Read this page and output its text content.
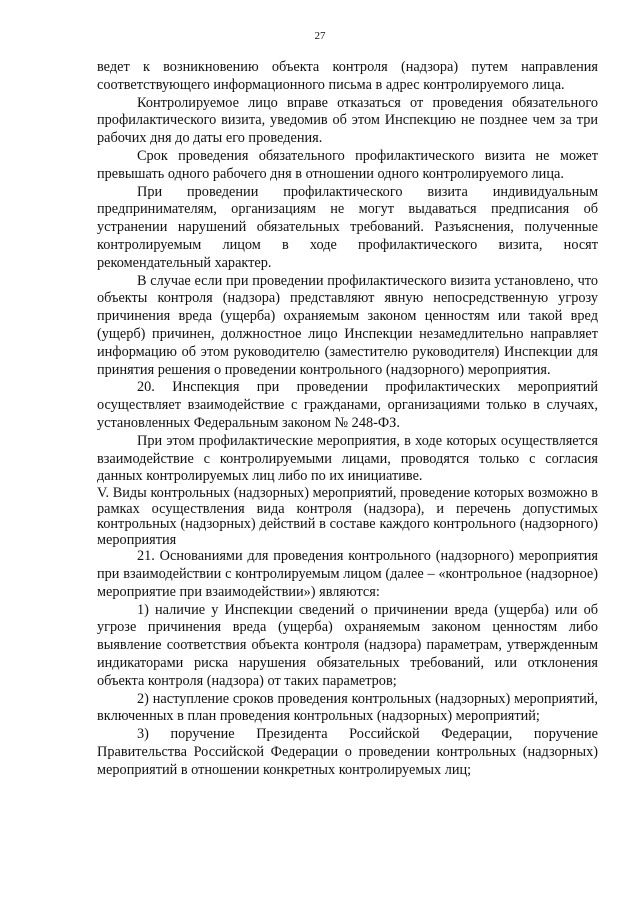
27

ведет к возникновению объекта контроля (надзора) путем направления соответствующего информационного письма в адрес контролируемого лица.

Контролируемое лицо вправе отказаться от проведения обязательного профилактического визита, уведомив об этом Инспекцию не позднее чем за три рабочих дня до даты его проведения.

Срок проведения обязательного профилактического визита не может превышать одного рабочего дня в отношении одного контролируемого лица.

При проведении профилактического визита индивидуальным предпринимателям, организациям не могут выдаваться предписания об устранении нарушений обязательных требований. Разъяснения, полученные контролируемым лицом в ходе профилактического визита, носят рекомендательный характер.

В случае если при проведении профилактического визита установлено, что объекты контроля (надзора) представляют явную непосредственную угрозу причинения вреда (ущерба) охраняемым законом ценностям или такой вред (ущерб) причинен, должностное лицо Инспекции незамедлительно направляет информацию об этом руководителю (заместителю руководителя) Инспекции для принятия решения о проведении контрольного (надзорного) мероприятия.

20. Инспекция при проведении профилактических мероприятий осуществляет взаимодействие с гражданами, организациями только в случаях, установленных Федеральным законом № 248-ФЗ.

При этом профилактические мероприятия, в ходе которых осуществляется взаимодействие с контролируемыми лицами, проводятся только с согласия данных контролируемых лиц либо по их инициативе.

V. Виды контрольных (надзорных) мероприятий, проведение которых возможно в рамках осуществления вида контроля (надзора), и перечень допустимых контрольных (надзорных) действий в составе каждого контрольного (надзорного) мероприятия

21. Основаниями для проведения контрольного (надзорного) мероприятия при взаимодействии с контролируемым лицом (далее – «контрольное (надзорное) мероприятие при взаимодействии») являются:

1) наличие у Инспекции сведений о причинении вреда (ущерба) или об угрозе причинения вреда (ущерба) охраняемым законом ценностям либо выявление соответствия объекта контроля (надзора) параметрам, утвержденным индикаторами риска нарушения обязательных требований, или отклонения объекта контроля (надзора) от таких параметров;

2) наступление сроков проведения контрольных (надзорных) мероприятий, включенных в план проведения контрольных (надзорных) мероприятий;

3) поручение Президента Российской Федерации, поручение Правительства Российской Федерации о проведении контрольных (надзорных) мероприятий в отношении конкретных контролируемых лиц;
